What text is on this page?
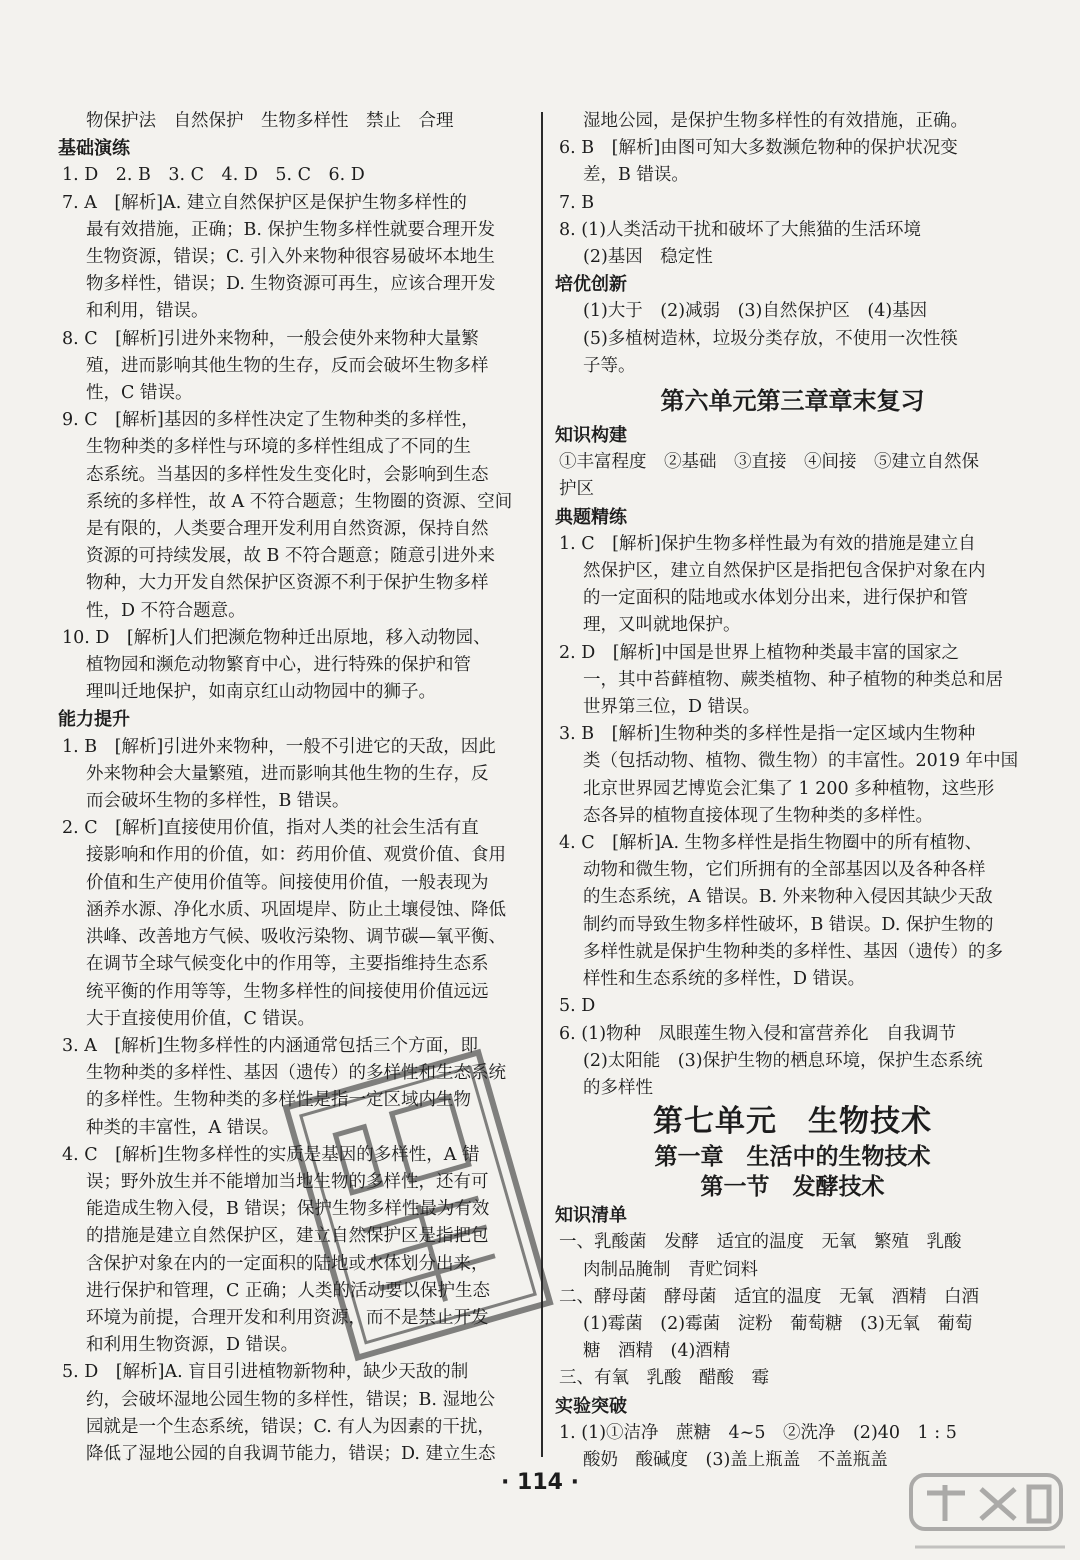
物保护法　自然保护　生物多样性　禁止　合理
基础演练
1. D　2. B　3. C　4. D　5. C　6. D
7. A　[解析]A. 建立自然保护区是保护生物多样性的
最有效措施，正确；B. 保护生物多样性就要合理开发
生物资源，错误；C. 引入外来物种很容易破坏本地生
物多样性，错误；D. 生物资源可再生，应该合理开发
和利用，错误。
8. C　[解析]引进外来物种，一般会使外来物种大量繁
殖，进而影响其他生物的生存，反而会破坏生物多样
性，C 错误。
9. C　[解析]基因的多样性决定了生物种类的多样性，
生物种类的多样性与环境的多样性组成了不同的生
态系统。当基因的多样性发生变化时，会影响到生态
系统的多样性，故 A 不符合题意；生物圈的资源、空间
是有限的，人类要合理开发利用自然资源，保持自然
资源的可持续发展，故 B 不符合题意；随意引进外来
物种，大力开发自然保护区资源不利于保护生物多样
性，D 不符合题意。
10. D　[解析]人们把濒危物种迁出原地，移入动物园、
植物园和濒危动物繁育中心，进行特殊的保护和管
理叫迁地保护，如南京红山动物园中的狮子。
能力提升
1. B　[解析]引进外来物种，一般不引进它的天敌，因此
外来物种会大量繁殖，进而影响其他生物的生存，反
而会破坏生物的多样性，B 错误。
2. C　[解析]直接使用价值，指对人类的社会生活有直
接影响和作用的价值，如：药用价值、观赏价值、食用
价值和生产使用价值等。间接使用价值，一般表现为
涵养水源、净化水质、巩固堤岸、防止土壤侵蚀、降低
洪峰、改善地方气候、吸收污染物、调节碳—氧平衡、
在调节全球气候变化中的作用等，主要指维持生态系
统平衡的作用等等，生物多样性的间接使用价值远远
大于直接使用价值，C 错误。
3. A　[解析]生物多样性的内涵通常包括三个方面，即
生物种类的多样性、基因（遗传）的多样性和生态系统
的多样性。生物种类的多样性是指一定区域内生物
种类的丰富性，A 错误。
4. C　[解析]生物多样性的实质是基因的多样性，A 错
误；野外放生并不能增加当地生物的多样性，还有可
能造成生物入侵，B 错误；保护生物多样性最为有效
的措施是建立自然保护区，建立自然保护区是指把包
含保护对象在内的一定面积的陆地或水体划分出来，
进行保护和管理，C 正确；人类的活动要以保护生态
环境为前提，合理开发和利用资源，而不是禁止开发
和利用生物资源，D 错误。
5. D　[解析]A. 盲目引进植物新物种，缺少天敌的制
约，会破坏湿地公园生物的多样性，错误；B. 湿地公
园就是一个生态系统，错误；C. 有人为因素的干扰，
降低了湿地公园的自我调节能力，错误；D. 建立生态
湿地公园，是保护生物多样性的有效措施，正确。
6. B　[解析]由图可知大多数濒危物种的保护状况变
差，B 错误。
7. B
8. (1)人类活动干扰和破坏了大熊猫的生活环境
(2)基因　稳定性
培优创新
(1)大于　(2)减弱　(3)自然保护区　(4)基因
(5)多植树造林，垃圾分类存放，不使用一次性筷
子等。
第六单元第三章章末复习
知识构建
①丰富程度　②基础　③直接　④间接　⑤建立自然保
护区
典题精练
1. C　[解析]保护生物多样性最为有效的措施是建立自
然保护区，建立自然保护区是指把包含保护对象在内
的一定面积的陆地或水体划分出来，进行保护和管
理，又叫就地保护。
2. D　[解析]中国是世界上植物种类最丰富的国家之
一，其中苔藓植物、蕨类植物、种子植物的种类总和居
世界第三位，D 错误。
3. B　[解析]生物种类的多样性是指一定区域内生物种
类（包括动物、植物、微生物）的丰富性。2019 年中国
北京世界园艺博览会汇集了 1 200 多种植物，这些形
态各异的植物直接体现了生物种类的多样性。
4. C　[解析]A. 生物多样性是指生物圈中的所有植物、
动物和微生物，它们所拥有的全部基因以及各种各样
的生态系统，A 错误。B. 外来物种入侵因其缺少天敌
制约而导致生物多样性破坏，B 错误。D. 保护生物的
多样性就是保护生物种类的多样性、基因（遗传）的多
样性和生态系统的多样性，D 错误。
5. D
6. (1)物种　凤眼莲生物入侵和富营养化　自我调节
(2)太阳能　(3)保护生物的栖息环境，保护生态系统
的多样性
第七单元　生物技术
第一章　生活中的生物技术
第一节　发酵技术
知识清单
一、乳酸菌　发酵　适宜的温度　无氧　繁殖　乳酸
肉制品腌制　青贮饲料
二、酵母菌　酵母菌　适宜的温度　无氧　酒精　白酒
(1)霉菌　(2)霉菌　淀粉　葡萄糖　(3)无氧　葡萄
糖　酒精　(4)酒精
三、有氧　乳酸　醋酸　霉
实验突破
1. (1)①洁净　蔗糖　4~5　②洗净　(2)40　1 : 5
酸奶　酸碱度　(3)盖上瓶盖　不盖瓶盖
· 114 ·
